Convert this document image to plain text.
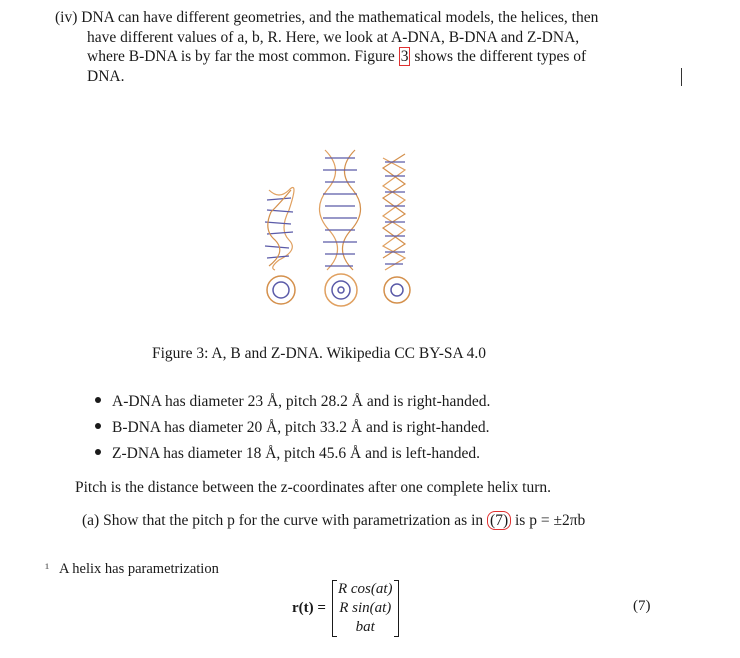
(iv) DNA can have different geometries, and the mathematical models, the helices, then
have different values of a, b, R. Here, we look at A-DNA, B-DNA and Z-DNA,
where B-DNA is by far the most common. Figure 3 shows the different types of
DNA.
Figure 3: A, B and Z-DNA. Wikipedia CC BY-SA 4.0
A-DNA has diameter 23 Å, pitch 28.2 Å and is right-handed.
B-DNA has diameter 20 Å, pitch 33.2 Å and is right-handed.
Z-DNA has diameter 18 Å, pitch 45.6 Å and is left-handed.
Pitch is the distance between the z-coordinates after one complete helix turn.
(a) Show that the pitch p for the curve with parametrization as in (7) is p = ±2πb
¹ A helix has parametrization
r(t) =
R cos(at)
R sin(at)
bat
(7)
